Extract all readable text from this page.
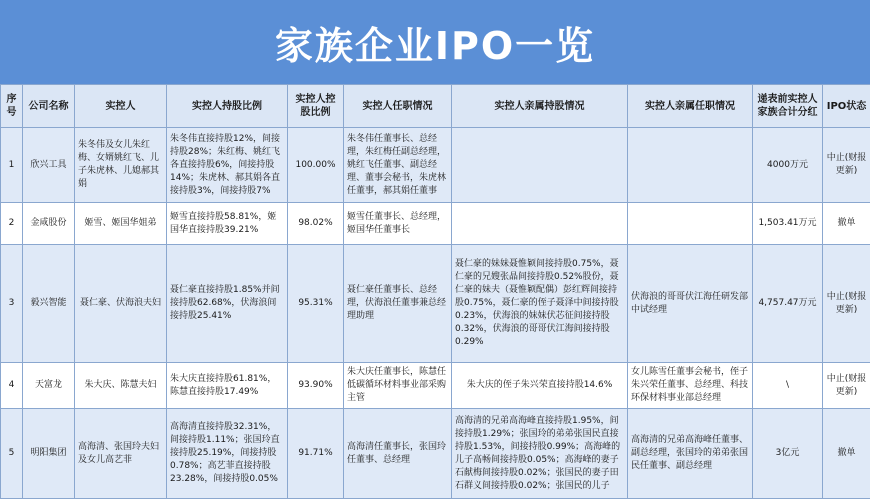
家族企业IPO一览
序号	公司名称	实控人	实控人持股比例	实控人控股比例	实控人任职情况	实控人亲属持股情况	实控人亲属任职情况	递表前实控人家族合计分红	IPO状态
1	欣兴工具	朱冬伟及女儿朱红梅、女婿姚红飞、儿子朱虎林、儿媳郝其娟	朱冬伟直接持股12%，间接持股28%；朱红梅、姚红飞各直接持股6%，间接持股14%；朱虎林、郝其娟各直接持股3%，间接持股7%	100.00%	朱冬伟任董事长、总经理，朱红梅任副总经理，姚红飞任董事、副总经理、董事会秘书，朱虎林任董事，郝其娟任董事			4000万元	中止(财报更新)
2	金咸股份	姬雪、姬国华姐弟	姬雪直接持股58.81%，姬国华直接持股39.21%	98.02%	姬雪任董事长、总经理，姬国华任董事长			1,503.41万元	撤单
3	毅兴智能	聂仁豪、伏海浪夫妇	聂仁豪直接持股1.85%并间接持股62.68%，伏海浪间接持股25.41%	95.31%	聂仁豪任董事长、总经理，伏海浪任董事兼总经理助理	聂仁豪的妹妹聂惟颖间接持股0.75%，聂仁豪的兄嫂张晶间接持股0.52%股份，聂仁豪的妹夫（聂惟颖配偶）彭红辉间接持股0.75%，聂仁豪的侄子聂泽中间接持股0.23%，伏海浪的妹妹伏芯征间接持股0.32%，伏海浪的哥哥伏江海间接持股0.29%	伏海浪的哥哥伏江海任研发部中试经理	4,757.47万元	中止(财报更新)
4	天富龙	朱大庆、陈慧夫妇	朱大庆直接持股61.81%，陈慧直接持股17.49%	93.90%	朱大庆任董事长，陈慧任低碳循环材料事业部采购主管	朱大庆的侄子朱兴荣直接持股14.6%	女儿陈雪任董事会秘书，侄子朱兴荣任董事、总经理、科技环保材料事业部总经理	\	中止(财报更新)
5	明阳集团	高海清、张国玲夫妇及女儿高艺菲	高海清直接持股32.31%，间接持股1.11%；张国玲直接持股25.19%，间接持股0.78%；高艺菲直接持股23.28%，间接持股0.05%	91.71%	高海清任董事长，张国玲任董事、总经理	高海清的兄弟高海峰直接持股1.95%，间接持股1.29%；张国玲的弟弟张国民直接持股1.53%，间接持股0.99%；高海峰的儿子高畅间接持股0.05%；高海峰的妻子石献梅间接持股0.02%；张国民的妻子田石群义间接持股0.02%；张国民的儿子	高海清的兄弟高海峰任董事、副总经理，张国玲的弟弟张国民任董事、副总经理	3亿元	撤单
